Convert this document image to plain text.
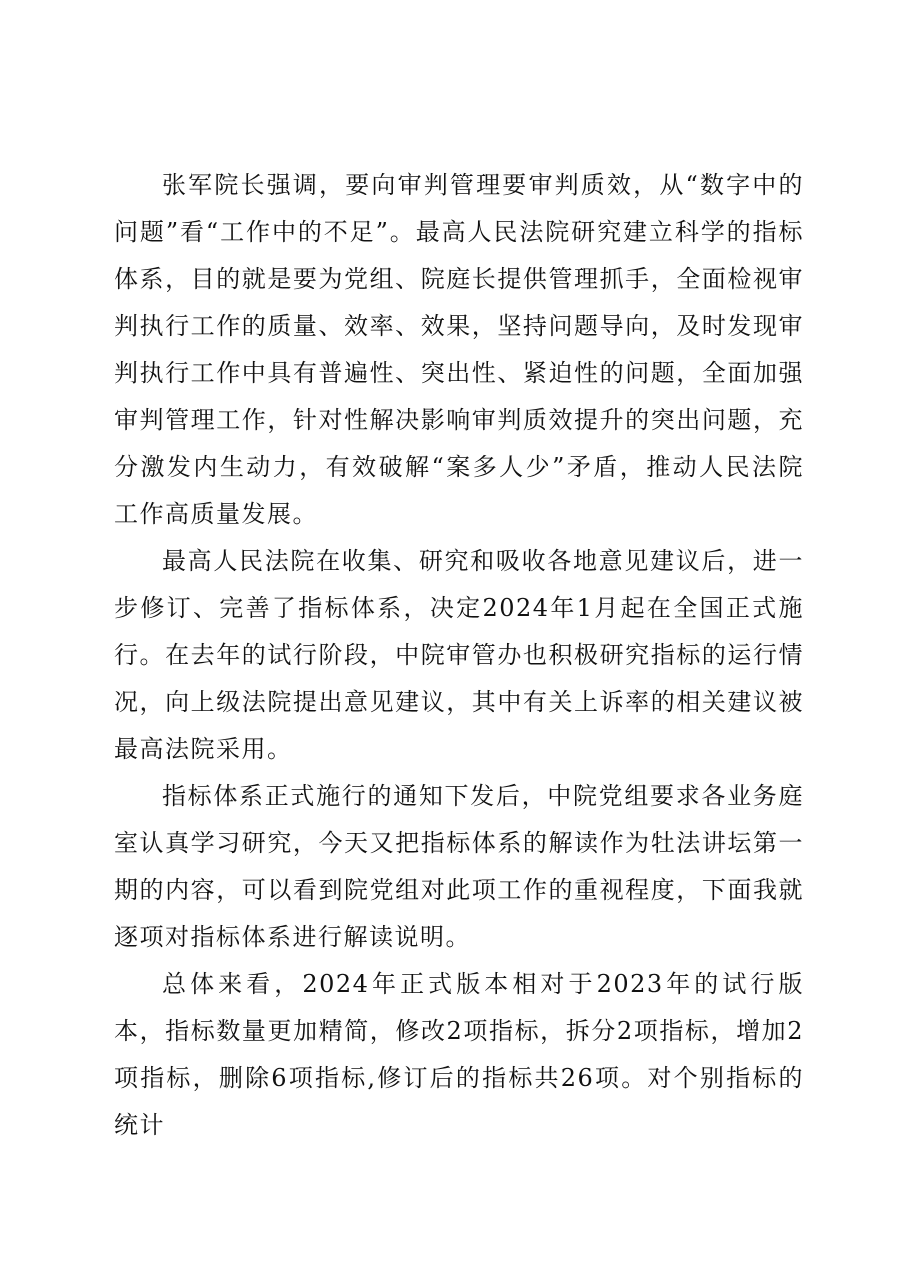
张军院长强调，要向审判管理要审判质效，从“数字中的问题”看“工作中的不足”。最高人民法院研究建立科学的指标体系，目的就是要为党组、院庭长提供管理抓手，全面检视审判执行工作的质量、效率、效果，坚持问题导向，及时发现审判执行工作中具有普遍性、突出性、紧迫性的问题，全面加强审判管理工作，针对性解决影响审判质效提升的突出问题，充分激发内生动力，有效破解“案多人少”矛盾，推动人民法院工作高质量发展。

最高人民法院在收集、研究和吸收各地意见建议后，进一步修订、完善了指标体系，决定2024年1月起在全国正式施行。在去年的试行阶段，中院审管办也积极研究指标的运行情况，向上级法院提出意见建议，其中有关上诉率的相关建议被最高法院采用。

指标体系正式施行的通知下发后，中院党组要求各业务庭室认真学习研究，今天又把指标体系的解读作为牡法讲坛第一期的内容，可以看到院党组对此项工作的重视程度，下面我就逐项对指标体系进行解读说明。

总体来看，2024年正式版本相对于2023年的试行版本，指标数量更加精简，修改2项指标，拆分2项指标，增加2项指标，删除6项指标,修订后的指标共26项。对个别指标的统计
